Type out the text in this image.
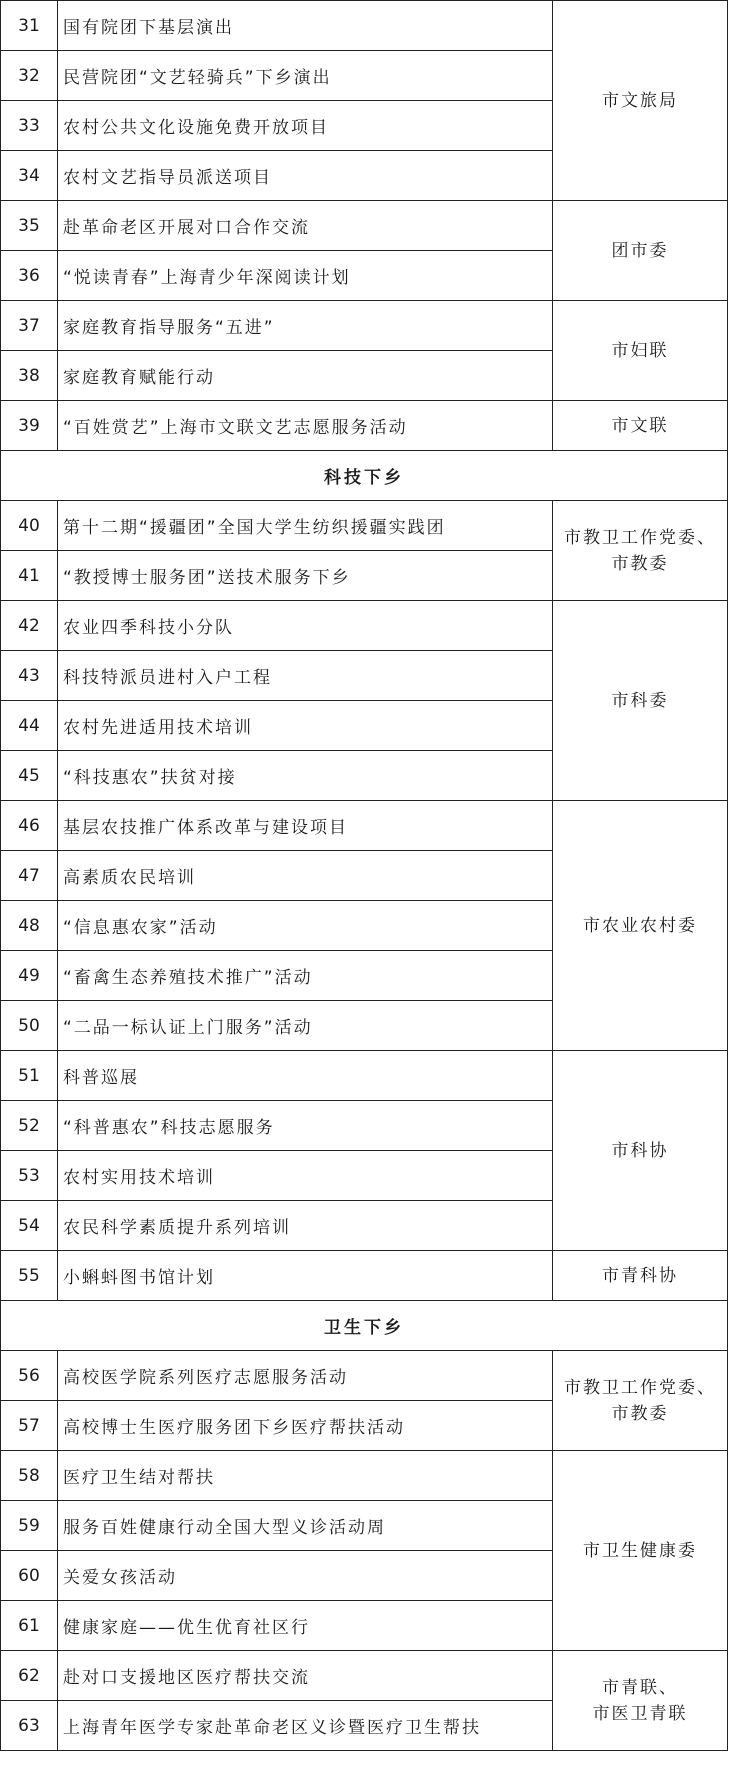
31	国有院团下基层演出	市文旅局

32	民营院团“文艺轻骑兵”下乡演出	
33	农村公共文化设施免费开放项目	
34	农村文艺指导员派送项目	
35	赴革命老区开展对口合作交流	团市委

36	“悦读青春”上海青少年深阅读计划	
37	家庭教育指导服务“五进”	市妇联

38	家庭教育赋能行动	
39	“百姓赏艺”上海市文联文艺志愿服务活动	市文联

科技下乡		
40	第十二期“援疆团”全国大学生纺织援疆实践团	市教卫工作党委、
市教委

41	“教授博士服务团”送技术服务下乡	
42	农业四季科技小分队	市科委

43	科技特派员进村入户工程	
44	农村先进适用技术培训	
45	“科技惠农”扶贫对接	
46	基层农技推广体系改革与建设项目	市农业农村委

47	高素质农民培训	
48	“信息惠农家”活动	
49	“畜禽生态养殖技术推广”活动	
50	“二品一标认证上门服务”活动	
51	科普巡展	市科协

52	“科普惠农”科技志愿服务	
53	农村实用技术培训	
54	农民科学素质提升系列培训	
55	小蝌蚪图书馆计划	市青科协

卫生下乡		
56	高校医学院系列医疗志愿服务活动	市教卫工作党委、
市教委

57	高校博士生医疗服务团下乡医疗帮扶活动	
58	医疗卫生结对帮扶	市卫生健康委

59	服务百姓健康行动全国大型义诊活动周	
60	关爱女孩活动	
61	健康家庭——优生优育社区行	
62	赴对口支援地区医疗帮扶交流	市青联、
市医卫青联

63	上海青年医学专家赴革命老区义诊暨医疗卫生帮扶	
